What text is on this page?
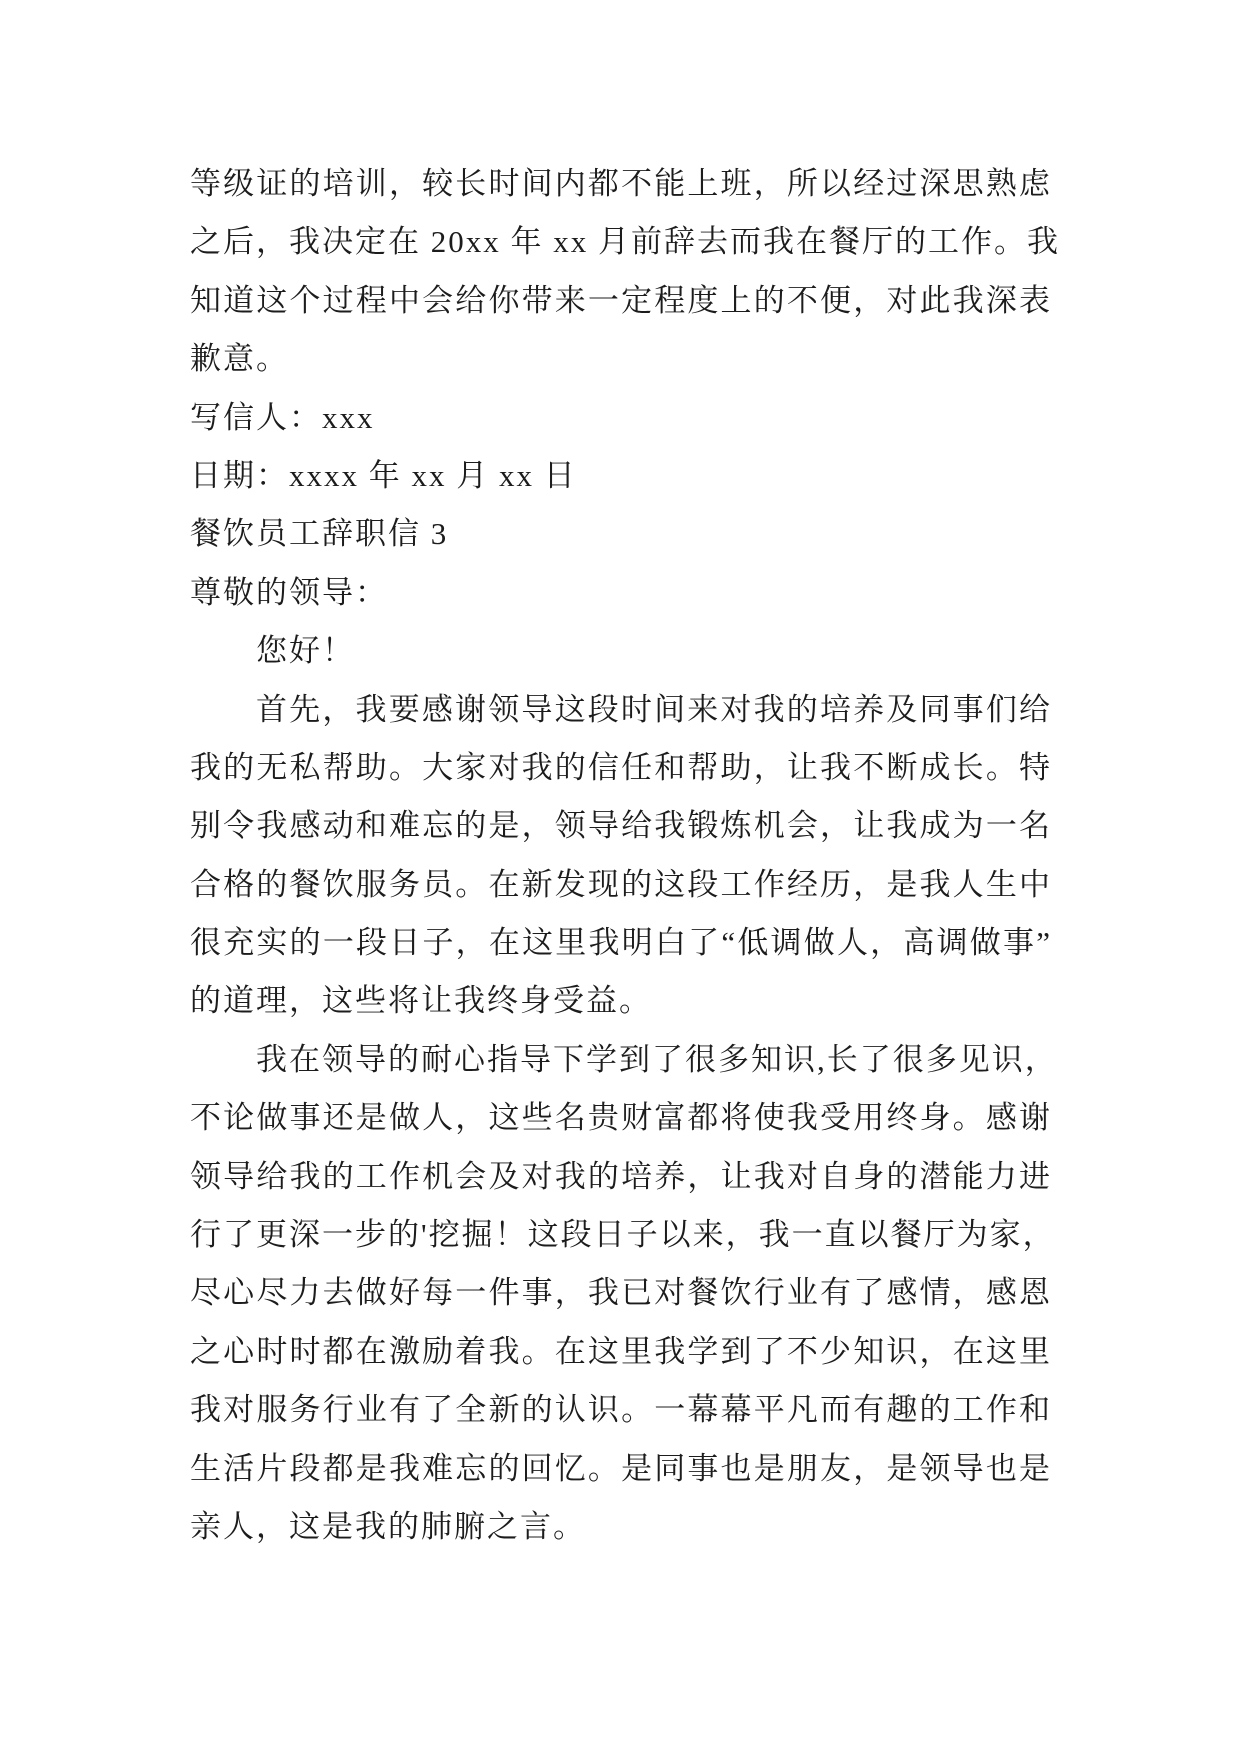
等级证的培训，较长时间内都不能上班，所以经过深思熟虑
之后，我决定在 20xx 年 xx 月前辞去而我在餐厅的工作。我
知道这个过程中会给你带来一定程度上的不便，对此我深表
歉意。
写信人：xxx
日期：xxxx 年 xx 月 xx 日
餐饮员工辞职信 3
尊敬的领导：
您好！
首先，我要感谢领导这段时间来对我的培养及同事们给
我的无私帮助。大家对我的信任和帮助，让我不断成长。特
别令我感动和难忘的是，领导给我锻炼机会，让我成为一名
合格的餐饮服务员。在新发现的这段工作经历，是我人生中
很充实的一段日子，在这里我明白了“低调做人，高调做事”
的道理，这些将让我终身受益。
我在领导的耐心指导下学到了很多知识,长了很多见识，
不论做事还是做人，这些名贵财富都将使我受用终身。感谢
领导给我的工作机会及对我的培养，让我对自身的潜能力进
行了更深一步的'挖掘！这段日子以来，我一直以餐厅为家，
尽心尽力去做好每一件事，我已对餐饮行业有了感情，感恩
之心时时都在激励着我。在这里我学到了不少知识，在这里
我对服务行业有了全新的认识。一幕幕平凡而有趣的工作和
生活片段都是我难忘的回忆。是同事也是朋友，是领导也是
亲人，这是我的肺腑之言。
